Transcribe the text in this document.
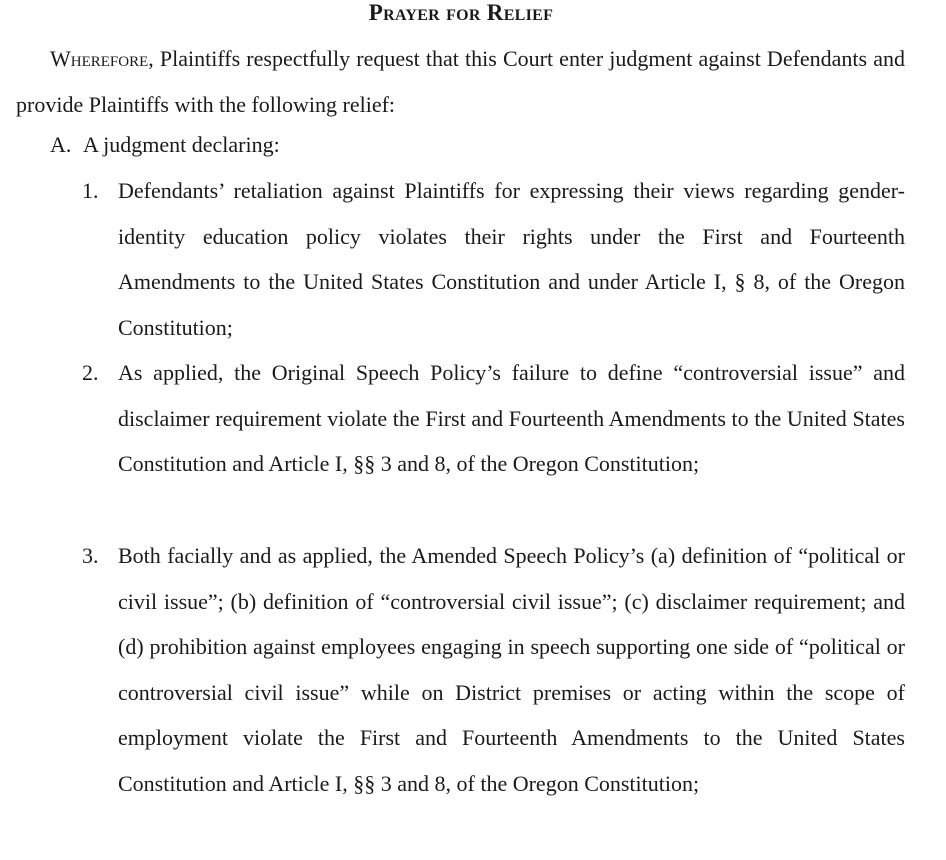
Prayer for Relief

Wherefore, Plaintiffs respectfully request that this Court enter judgment against Defendants and provide Plaintiffs with the following relief:

A. A judgment declaring:

1. Defendants’ retaliation against Plaintiffs for expressing their views regarding gender-identity education policy violates their rights under the First and Fourteenth Amendments to the United States Constitution and under Article I, § 8, of the Oregon Constitution;

2. As applied, the Original Speech Policy’s failure to define “controversial issue” and disclaimer requirement violate the First and Fourteenth Amendments to the United States Constitution and Article I, §§ 3 and 8, of the Oregon Constitution;

3. Both facially and as applied, the Amended Speech Policy’s (a) definition of “political or civil issue”; (b) definition of “controversial civil issue”; (c) disclaimer requirement; and (d) prohibition against employees engaging in speech supporting one side of “political or controversial civil issue” while on District premises or acting within the scope of employment violate the First and Fourteenth Amendments to the United States Constitution and Article I, §§ 3 and 8, of the Oregon Constitution;
